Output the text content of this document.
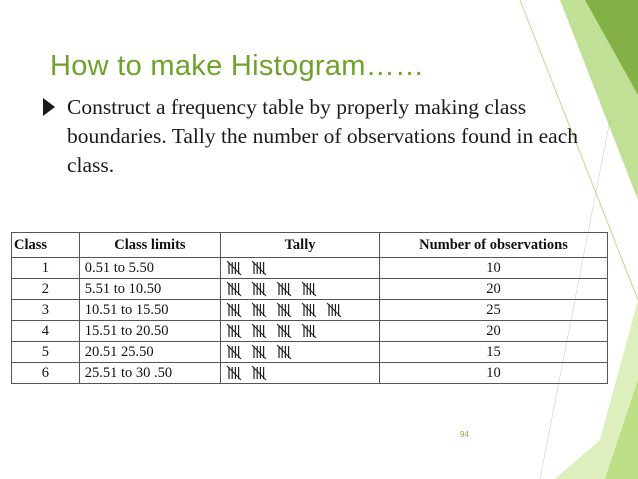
How to make Histogram……
Construct a frequency table by properly making class boundaries. Tally the number of observations found in each class.
Class	Class limits	Tally	Number of observations
1	0.51 to 5.50		10
2	5.51 to 10.50		20
3	10.51 to 15.50		25
4	15.51 to 20.50		20
5	20.51 25.50		15
6	25.51 to 30 .50		10
94
